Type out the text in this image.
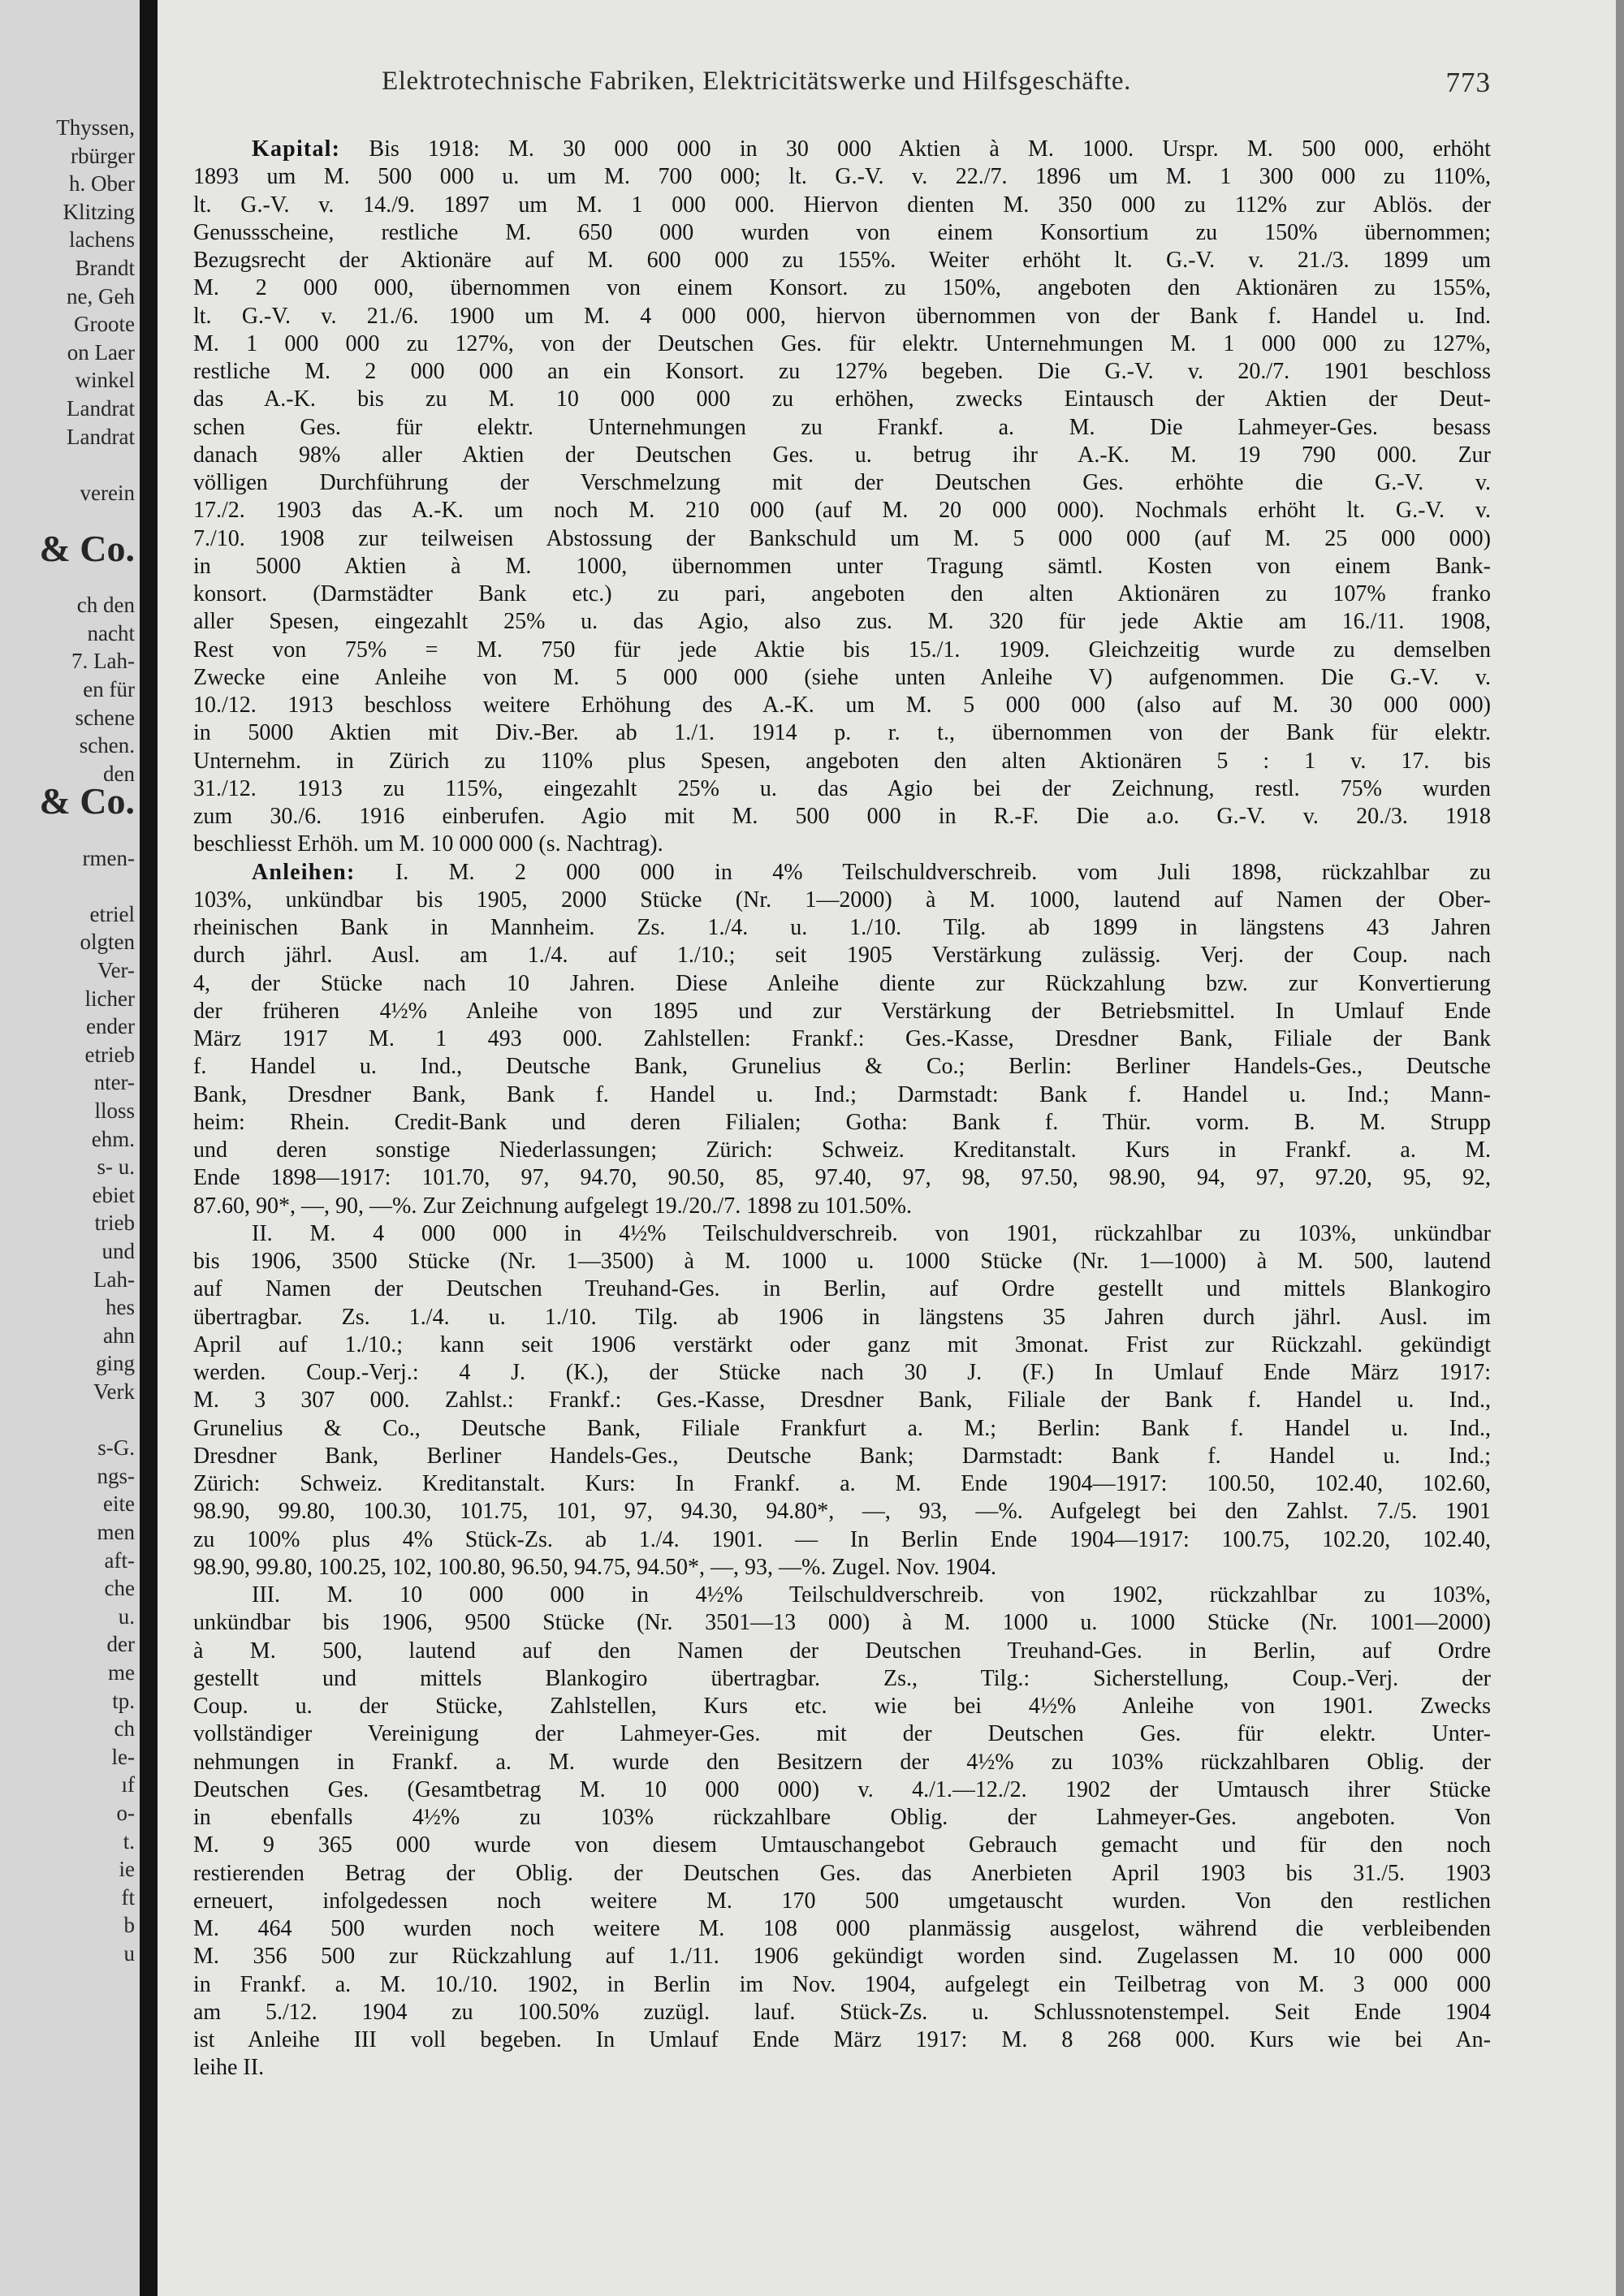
Thyssen,
rbürger
h. Ober
Klitzing
lachens
Brandt
ne, Geh
Groote
on Laer
winkel
Landrat
Landrat
verein
& Co.
ch den
nacht
7. Lah-
en für
schene
schen.
den
& Co.
rmen-
etriel
olgten
Ver-
licher
ender
etrieb
nter-
lloss
ehm.
s- u.
ebiet
trieb
und
Lah-
hes
ahn
ging
Verk
s-G.
ngs-
eite
men
aft-
che
u.
der
me
tp.
ch
le-
ıf
o-
t.
ie
ft
b
u
Elektrotechnische Fabriken, Elektricitätswerke und Hilfsgeschäfte.	773
Kapital: Bis 1918: M. 30 000 000 in 30 000 Aktien à M. 1000. Urspr. M. 500 000, erhöht
1893 um M. 500 000 u. um M. 700 000; lt. G.-V. v. 22./7. 1896 um M. 1 300 000 zu 110%,
lt. G.-V. v. 14./9. 1897 um M. 1 000 000. Hiervon dienten M. 350 000 zu 112% zur Ablös. der
Genussscheine, restliche M. 650 000 wurden von einem Konsortium zu 150% übernommen;
Bezugsrecht der Aktionäre auf M. 600 000 zu 155%. Weiter erhöht lt. G.-V. v. 21./3. 1899 um
M. 2 000 000, übernommen von einem Konsort. zu 150%, angeboten den Aktionären zu 155%,
lt. G.-V. v. 21./6. 1900 um M. 4 000 000, hiervon übernommen von der Bank f. Handel u. Ind.
M. 1 000 000 zu 127%, von der Deutschen Ges. für elektr. Unternehmungen M. 1 000 000 zu 127%,
restliche M. 2 000 000 an ein Konsort. zu 127% begeben. Die G.-V. v. 20./7. 1901 beschloss
das A.-K. bis zu M. 10 000 000 zu erhöhen, zwecks Eintausch der Aktien der Deut-
schen Ges. für elektr. Unternehmungen zu Frankf. a. M. Die Lahmeyer-Ges. besass
danach 98% aller Aktien der Deutschen Ges. u. betrug ihr A.-K. M. 19 790 000. Zur
völligen Durchführung der Verschmelzung mit der Deutschen Ges. erhöhte die G.-V. v.
17./2. 1903 das A.-K. um noch M. 210 000 (auf M. 20 000 000). Nochmals erhöht lt. G.-V. v.
7./10. 1908 zur teilweisen Abstossung der Bankschuld um M. 5 000 000 (auf M. 25 000 000)
in 5000 Aktien à M. 1000, übernommen unter Tragung sämtl. Kosten von einem Bank-
konsort. (Darmstädter Bank etc.) zu pari, angeboten den alten Aktionären zu 107% franko
aller Spesen, eingezahlt 25% u. das Agio, also zus. M. 320 für jede Aktie am 16./11. 1908,
Rest von 75% = M. 750 für jede Aktie bis 15./1. 1909. Gleichzeitig wurde zu demselben
Zwecke eine Anleihe von M. 5 000 000 (siehe unten Anleihe V) aufgenommen. Die G.-V. v.
10./12. 1913 beschloss weitere Erhöhung des A.-K. um M. 5 000 000 (also auf M. 30 000 000)
in 5000 Aktien mit Div.-Ber. ab 1./1. 1914 p. r. t., übernommen von der Bank für elektr.
Unternehm. in Zürich zu 110% plus Spesen, angeboten den alten Aktionären 5 : 1 v. 17. bis
31./12. 1913 zu 115%, eingezahlt 25% u. das Agio bei der Zeichnung, restl. 75% wurden
zum 30./6. 1916 einberufen. Agio mit M. 500 000 in R.-F. Die a.o. G.-V. v. 20./3. 1918
beschliesst Erhöh. um M. 10 000 000 (s. Nachtrag).
Anleihen: I. M. 2 000 000 in 4% Teilschuldverschreib. vom Juli 1898, rückzahlbar zu
103%, unkündbar bis 1905, 2000 Stücke (Nr. 1—2000) à M. 1000, lautend auf Namen der Ober-
rheinischen Bank in Mannheim. Zs. 1./4. u. 1./10. Tilg. ab 1899 in längstens 43 Jahren
durch jährl. Ausl. am 1./4. auf 1./10.; seit 1905 Verstärkung zulässig. Verj. der Coup. nach
4, der Stücke nach 10 Jahren. Diese Anleihe diente zur Rückzahlung bzw. zur Konvertierung
der früheren 4½% Anleihe von 1895 und zur Verstärkung der Betriebsmittel. In Umlauf Ende
März 1917 M. 1 493 000. Zahlstellen: Frankf.: Ges.-Kasse, Dresdner Bank, Filiale der Bank
f. Handel u. Ind., Deutsche Bank, Grunelius & Co.; Berlin: Berliner Handels-Ges., Deutsche
Bank, Dresdner Bank, Bank f. Handel u. Ind.; Darmstadt: Bank f. Handel u. Ind.; Mann-
heim: Rhein. Credit-Bank und deren Filialen; Gotha: Bank f. Thür. vorm. B. M. Strupp
und deren sonstige Niederlassungen; Zürich: Schweiz. Kreditanstalt. Kurs in Frankf. a. M.
Ende 1898—1917: 101.70, 97, 94.70, 90.50, 85, 97.40, 97, 98, 97.50, 98.90, 94, 97, 97.20, 95, 92,
87.60, 90*, —, 90, —%. Zur Zeichnung aufgelegt 19./20./7. 1898 zu 101.50%.
II. M. 4 000 000 in 4½% Teilschuldverschreib. von 1901, rückzahlbar zu 103%, unkündbar
bis 1906, 3500 Stücke (Nr. 1—3500) à M. 1000 u. 1000 Stücke (Nr. 1—1000) à M. 500, lautend
auf Namen der Deutschen Treuhand-Ges. in Berlin, auf Ordre gestellt und mittels Blankogiro
übertragbar. Zs. 1./4. u. 1./10. Tilg. ab 1906 in längstens 35 Jahren durch jährl. Ausl. im
April auf 1./10.; kann seit 1906 verstärkt oder ganz mit 3monat. Frist zur Rückzahl. gekündigt
werden. Coup.-Verj.: 4 J. (K.), der Stücke nach 30 J. (F.) In Umlauf Ende März 1917:
M. 3 307 000. Zahlst.: Frankf.: Ges.-Kasse, Dresdner Bank, Filiale der Bank f. Handel u. Ind.,
Grunelius & Co., Deutsche Bank, Filiale Frankfurt a. M.; Berlin: Bank f. Handel u. Ind.,
Dresdner Bank, Berliner Handels-Ges., Deutsche Bank; Darmstadt: Bank f. Handel u. Ind.;
Zürich: Schweiz. Kreditanstalt. Kurs: In Frankf. a. M. Ende 1904—1917: 100.50, 102.40, 102.60,
98.90, 99.80, 100.30, 101.75, 101, 97, 94.30, 94.80*, —, 93, —%. Aufgelegt bei den Zahlst. 7./5. 1901
zu 100% plus 4% Stück-Zs. ab 1./4. 1901. — In Berlin Ende 1904—1917: 100.75, 102.20, 102.40,
98.90, 99.80, 100.25, 102, 100.80, 96.50, 94.75, 94.50*, —, 93, —%. Zugel. Nov. 1904.
III. M. 10 000 000 in 4½% Teilschuldverschreib. von 1902, rückzahlbar zu 103%,
unkündbar bis 1906, 9500 Stücke (Nr. 3501—13 000) à M. 1000 u. 1000 Stücke (Nr. 1001—2000)
à M. 500, lautend auf den Namen der Deutschen Treuhand-Ges. in Berlin, auf Ordre
gestellt und mittels Blankogiro übertragbar. Zs., Tilg.: Sicherstellung, Coup.-Verj. der
Coup. u. der Stücke, Zahlstellen, Kurs etc. wie bei 4½% Anleihe von 1901. Zwecks
vollständiger Vereinigung der Lahmeyer-Ges. mit der Deutschen Ges. für elektr. Unter-
nehmungen in Frankf. a. M. wurde den Besitzern der 4½% zu 103% rückzahlbaren Oblig. der
Deutschen Ges. (Gesamtbetrag M. 10 000 000) v. 4./1.—12./2. 1902 der Umtausch ihrer Stücke
in ebenfalls 4½% zu 103% rückzahlbare Oblig. der Lahmeyer-Ges. angeboten. Von
M. 9 365 000 wurde von diesem Umtauschangebot Gebrauch gemacht und für den noch
restierenden Betrag der Oblig. der Deutschen Ges. das Anerbieten April 1903 bis 31./5. 1903
erneuert, infolgedessen noch weitere M. 170 500 umgetauscht wurden. Von den restlichen
M. 464 500 wurden noch weitere M. 108 000 planmässig ausgelost, während die verbleibenden
M. 356 500 zur Rückzahlung auf 1./11. 1906 gekündigt worden sind. Zugelassen M. 10 000 000
in Frankf. a. M. 10./10. 1902, in Berlin im Nov. 1904, aufgelegt ein Teilbetrag von M. 3 000 000
am 5./12. 1904 zu 100.50% zuzügl. lauf. Stück-Zs. u. Schlussnotenstempel. Seit Ende 1904
ist Anleihe III voll begeben. In Umlauf Ende März 1917: M. 8 268 000. Kurs wie bei An-
leihe II.
